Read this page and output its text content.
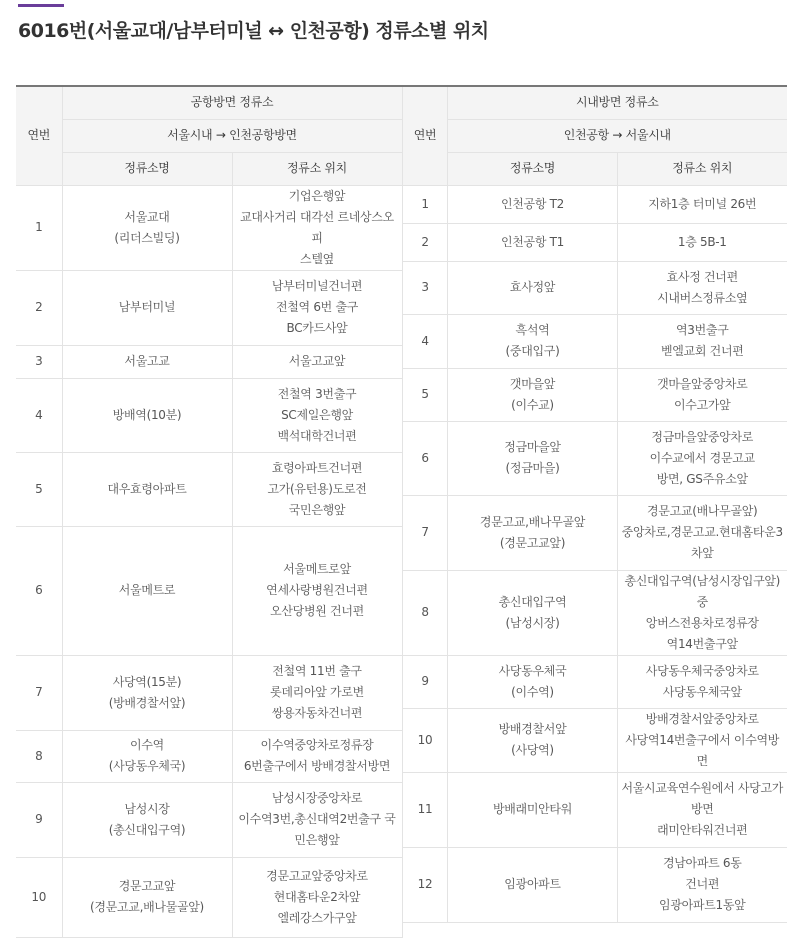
6016번(서울교대/남부터미널 ↔ 인천공항) 정류소별 위치
연번	공항방면 정류소	
	서울시내 → 인천공항방면	
	정류소명	정류소 위치

1	서울교대
(리더스빌딩)	기업은행앞
교대사거리 대각선 르네상스오피
스텔옆

2	남부터미널	남부터미널건너편
전철역 6번 출구
BC카드사앞

3	서울고교	서울고교앞

4	방배역(10분)	전철역 3번출구
SC제일은행앞
백석대학건너편

5	대우효령아파트	효령아파트건너편
고가(유턴용)도로전
국민은행앞

6	서울메트로	서울메트로앞
연세사랑병원건너편
오산당병원 건너편

7	사당역(15분)
(방배경찰서앞)	전철역 11번 출구
롯데리아앞 가로변
쌍용자동차건너편

8	이수역
(사당동우체국)	이수역중앙차로정류장
6번출구에서 방배경찰서방면

9	남성시장
(총신대입구역)	남성시장중앙차로
이수역3번,총신대역2번출구 국
민은행앞

10	경문고교앞
(경문고교,배나물골앞)	경문고교앞중앙차로
현대홈타운2차앞
엘레강스가구앞
연번	시내방면 정류소	
	인천공항 → 서울시내	
	정류소명	정류소 위치

1	인천공항 T2	지하1층 터미널 26번

2	인천공항 T1	1층 5B-1

3	효사정앞	효사정 건너편
시내버스정류소옆

4	흑석역
(중대입구)	역3번출구
벧엘교회 건너편

5	갯마을앞
(이수교)	갯마을앞중앙차로
이수고가앞

6	정금마을앞
(정금마을)	정금마을앞중앙차로
이수교에서 경문고교
방면, GS주유소앞

7	경문고교,배나무골앞
(경문고교앞)	경문고교(배나무골앞)
중앙차로,경문고교.현대홈타운3
차앞

8	총신대입구역
(남성시장)	총신대입구역(남성시장입구앞)중
앙버스전용차로정류장
역14번출구앞

9	사당동우체국
(이수역)	사당동우체국중앙차로
사당동우체국앞

10	방배경찰서앞
(사당역)	방배경찰서앞중앙차로
사당역14번출구에서 이수역방면

11	방배래미안타워	서울시교육연수원에서 사당고가
방면
래미안타워건너편

12	임광아파트	경남아파트 6동
건너편
임광아파트1동앞
